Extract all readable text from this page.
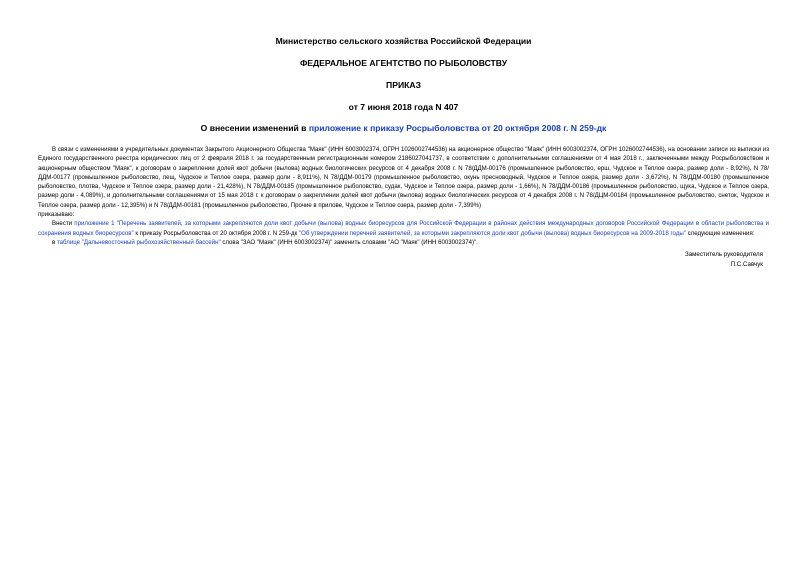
Министерство сельского хозяйства Российской Федерации
ФЕДЕРАЛЬНОЕ АГЕНТСТВО ПО РЫБОЛОВСТВУ
ПРИКАЗ
от 7 июня 2018 года N 407
О внесении изменений в приложение к приказу Росрыболовства от 20 октября 2008 г. N 259-дк

В связи с изменениями в учредительных документах Закрытого Акционерного Общества "Маяк" (ИНН 6003002374, ОГРН 1026002744536) на акционерное общество "Маяк" (ИНН 6003002374, ОГРН 1026002744536), на основании записи из выписки из Единого государственного реестра юридических лиц от 2 февраля 2018 г. за государственным регистрационным номером 2186027041737, в соответствии с дополнительными соглашениями от 4 мая 2018 г., заключенными между Росрыболовством и акционерным обществом "Маяк", к договорам о закреплении долей квот добычи (вылова) водных биологических ресурсов от 4 декабря 2008 г. N 78/ДДМ-00176 (промышленное рыболовство, ерш, Чудское и Теплое озера, размер доли - 8,92%), N 78/ДДМ-00177 (промышленное рыболовство, лещ, Чудское и Теплое озера, размер доли - 8,911%), N 78/ДДМ-00179 (промышленное рыболовство, окунь пресноводный, Чудское и Теплое озера, размер доли - 3,672%), N 78/ДДМ-00180 (промышленное рыболовство, плотва, Чудское и Теплое озера, размер доли - 21,428%), N 78/ДДМ-00185 (промышленное рыболовство, судак, Чудское и Теплое озера, размер доли - 1,66%), N 78/ДДМ-00186 (промышленное рыболовство, щука, Чудское и Теплое озера, размер доли - 4,089%), и дополнительными соглашениями от 15 мая 2018 г. к договорам о закреплении долей квот добычи (вылова) водных биологических ресурсов от 4 декабря 2008 г. N 78/ДЦМ-00184 (промышленное рыболовство, снеток, Чудское и Теплое озера, размер доли - 12,395%) и N 78/ДДМ-00181 (промышленное рыболовство, Прочие в прилове, Чудское и Теплое озера, размер доли - 7,399%)

приказываю:

Внести приложение 1 "Перечень заявителей, за которыми закрепляются доли квот добычи (вылова) водных биоресурсов для Российской Федерации в районах действия международных договоров Российской Федерации в области рыболовства и сохранения водных биоресурсов" к приказу Росрыболовства от 20 октября 2008 г. N 259-дк "Об утверждении перечней заявителей, за которыми закрепляются доли квот добычи (вылова) водных биоресурсов на 2009-2018 годы" следующие изменения:

в таблице "Дальневосточный рыбохозяйственный бассейн" слова "ЗАО "Маяк" (ИНН 6003002374)" заменить словами "АО "Маяк" (ИНН 6003002374)".

Заместитель руководителя
П.С.Савчук
